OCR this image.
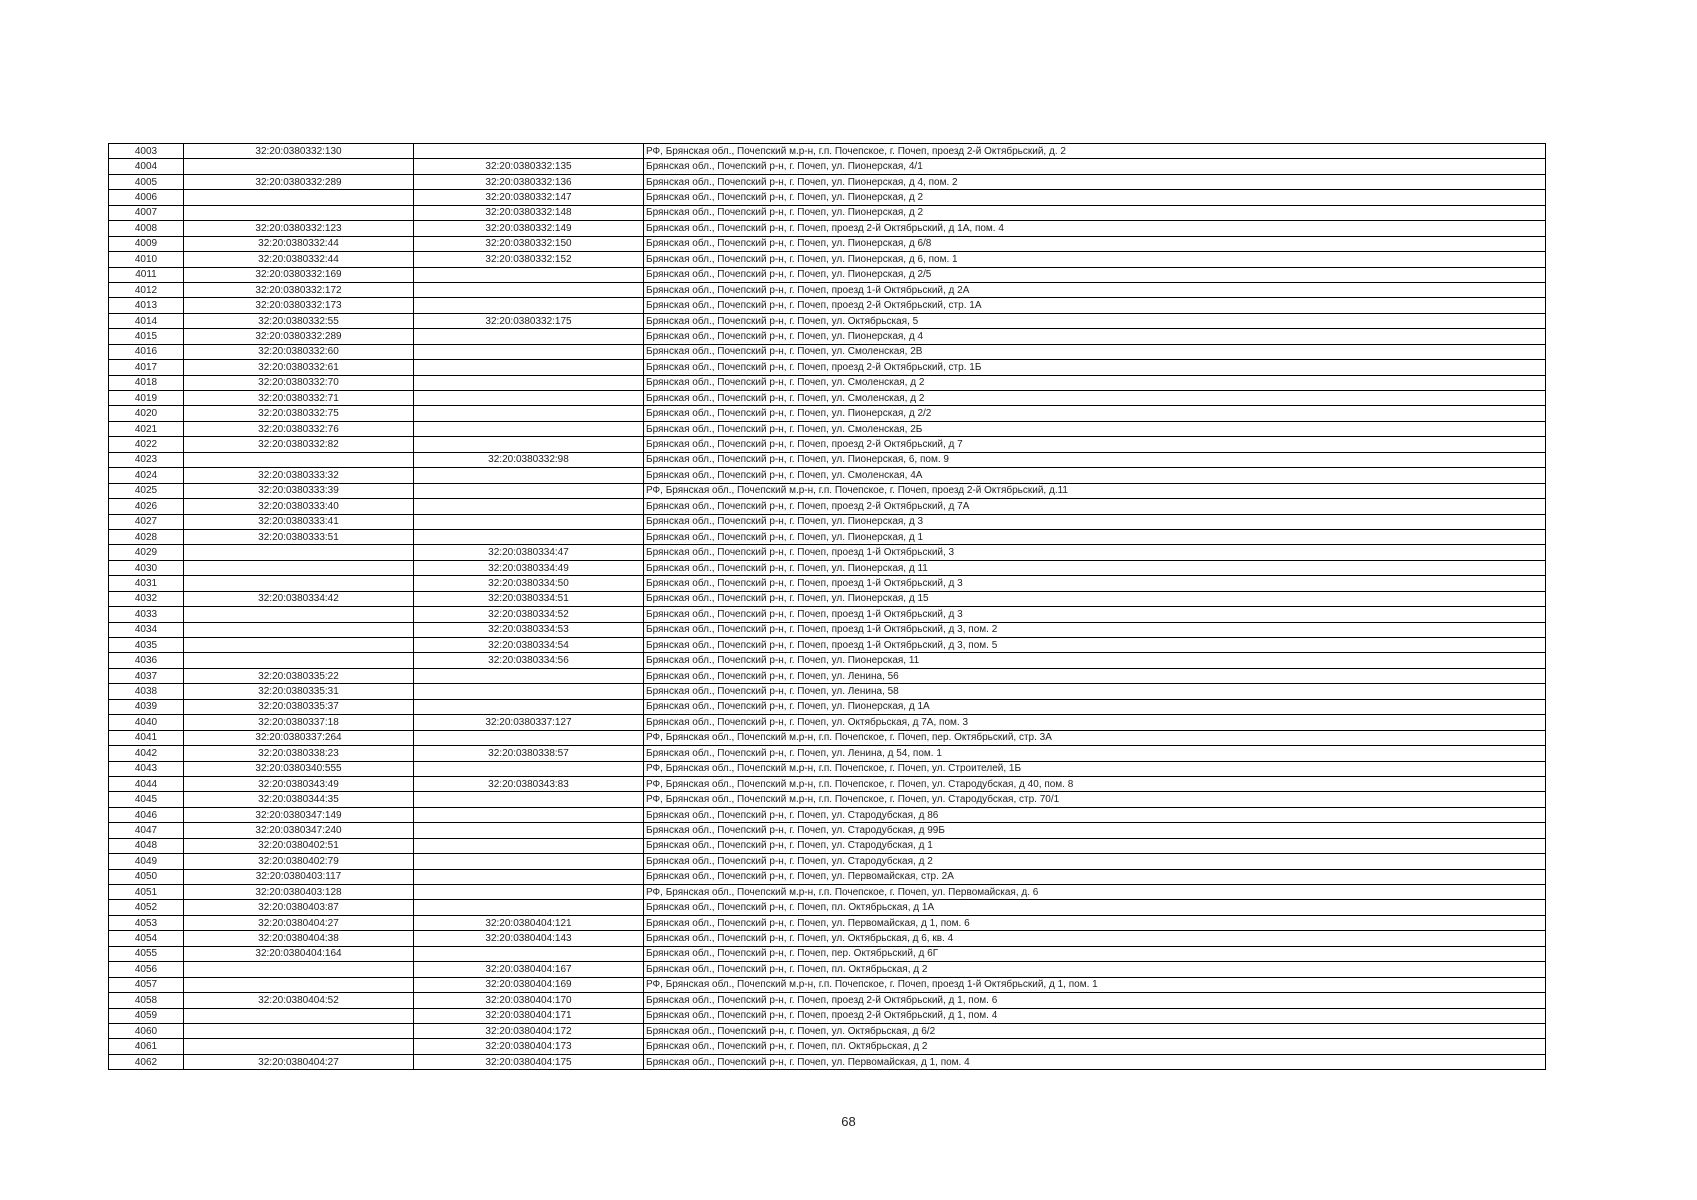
4003	32:20:0380332:130		РФ, Брянская обл., Почепский м.р-н, г.п. Почепское, г. Почеп, проезд 2-й Октябрьский, д. 2
4004		32:20:0380332:135	Брянская обл., Почепский р-н, г. Почеп, ул. Пионерская, 4/1
4005	32:20:0380332:289	32:20:0380332:136	Брянская обл., Почепский р-н, г. Почеп, ул. Пионерская, д 4, пом. 2
4006		32:20:0380332:147	Брянская обл., Почепский р-н, г. Почеп, ул. Пионерская, д 2
4007		32:20:0380332:148	Брянская обл., Почепский р-н, г. Почеп, ул. Пионерская, д 2
4008	32:20:0380332:123	32:20:0380332:149	Брянская обл., Почепский р-н, г. Почеп, проезд 2-й Октябрьский, д 1А, пом. 4
4009	32:20:0380332:44	32:20:0380332:150	Брянская обл., Почепский р-н, г. Почеп, ул. Пионерская, д 6/8
4010	32:20:0380332:44	32:20:0380332:152	Брянская обл., Почепский р-н, г. Почеп, ул. Пионерская, д 6, пом. 1
4011	32:20:0380332:169		Брянская обл., Почепский р-н, г. Почеп, ул. Пионерская, д 2/5
4012	32:20:0380332:172		Брянская обл., Почепский р-н, г. Почеп, проезд 1-й Октябрьский, д 2А
4013	32:20:0380332:173		Брянская обл., Почепский р-н, г. Почеп, проезд 2-й Октябрьский, стр. 1А
4014	32:20:0380332:55	32:20:0380332:175	Брянская обл., Почепский р-н, г. Почеп, ул. Октябрьская, 5
4015	32:20:0380332:289		Брянская обл., Почепский р-н, г. Почеп, ул. Пионерская, д 4
4016	32:20:0380332:60		Брянская обл., Почепский р-н, г. Почеп, ул. Смоленская, 2В
4017	32:20:0380332:61		Брянская обл., Почепский р-н, г. Почеп, проезд 2-й Октябрьский, стр. 1Б
4018	32:20:0380332:70		Брянская обл., Почепский р-н, г. Почеп, ул. Смоленская, д 2
4019	32:20:0380332:71		Брянская обл., Почепский р-н, г. Почеп, ул. Смоленская, д 2
4020	32:20:0380332:75		Брянская обл., Почепский р-н, г. Почеп, ул. Пионерская, д 2/2
4021	32:20:0380332:76		Брянская обл., Почепский р-н, г. Почеп, ул. Смоленская, 2Б
4022	32:20:0380332:82		Брянская обл., Почепский р-н, г. Почеп, проезд 2-й Октябрьский, д 7
4023		32:20:0380332:98	Брянская обл., Почепский р-н, г. Почеп, ул. Пионерская, 6, пом. 9
4024	32:20:0380333:32		Брянская обл., Почепский р-н, г. Почеп, ул. Смоленская, 4А
4025	32:20:0380333:39		РФ, Брянская обл., Почепский м.р-н, г.п. Почепское, г. Почеп, проезд 2-й Октябрьский, д.11
4026	32:20:0380333:40		Брянская обл., Почепский р-н, г. Почеп, проезд 2-й Октябрьский, д 7А
4027	32:20:0380333:41		Брянская обл., Почепский р-н, г. Почеп, ул. Пионерская, д 3
4028	32:20:0380333:51		Брянская обл., Почепский р-н, г. Почеп, ул. Пионерская, д 1
4029		32:20:0380334:47	Брянская обл., Почепский р-н, г. Почеп, проезд 1-й Октябрьский, 3
4030		32:20:0380334:49	Брянская обл., Почепский р-н, г. Почеп, ул. Пионерская, д 11
4031		32:20:0380334:50	Брянская обл., Почепский р-н, г. Почеп, проезд 1-й Октябрьский, д 3
4032	32:20:0380334:42	32:20:0380334:51	Брянская обл., Почепский р-н, г. Почеп, ул. Пионерская, д 15
4033		32:20:0380334:52	Брянская обл., Почепский р-н, г. Почеп, проезд 1-й Октябрьский, д 3
4034		32:20:0380334:53	Брянская обл., Почепский р-н, г. Почеп, проезд 1-й Октябрьский, д 3, пом. 2
4035		32:20:0380334:54	Брянская обл., Почепский р-н, г. Почеп, проезд 1-й Октябрьский, д 3, пом. 5
4036		32:20:0380334:56	Брянская обл., Почепский р-н, г. Почеп, ул. Пионерская, 11
4037	32:20:0380335:22		Брянская обл., Почепский р-н, г. Почеп, ул. Ленина, 56
4038	32:20:0380335:31		Брянская обл., Почепский р-н, г. Почеп, ул. Ленина, 58
4039	32:20:0380335:37		Брянская обл., Почепский р-н, г. Почеп, ул. Пионерская, д 1А
4040	32:20:0380337:18	32:20:0380337:127	Брянская обл., Почепский р-н, г. Почеп, ул. Октябрьская, д 7А, пом. 3
4041	32:20:0380337:264		РФ, Брянская обл., Почепский м.р-н, г.п. Почепское, г. Почеп, пер. Октябрьский, стр. 3А
4042	32:20:0380338:23	32:20:0380338:57	Брянская обл., Почепский р-н, г. Почеп, ул. Ленина, д 54, пом. 1
4043	32:20:0380340:555		РФ, Брянская обл., Почепский м.р-н, г.п. Почепское, г. Почеп, ул. Строителей, 1Б
4044	32:20:0380343:49	32:20:0380343:83	РФ, Брянская обл., Почепский м.р-н, г.п. Почепское, г. Почеп, ул. Стародубская, д 40, пом. 8
4045	32:20:0380344:35		РФ, Брянская обл., Почепский м.р-н, г.п. Почепское, г. Почеп, ул. Стародубская, стр. 70/1
4046	32:20:0380347:149		Брянская обл., Почепский р-н, г. Почеп, ул. Стародубская, д 86
4047	32:20:0380347:240		Брянская обл., Почепский р-н, г. Почеп, ул. Стародубская, д 99Б
4048	32:20:0380402:51		Брянская обл., Почепский р-н, г. Почеп, ул. Стародубская, д 1
4049	32:20:0380402:79		Брянская обл., Почепский р-н, г. Почеп, ул. Стародубская, д 2
4050	32:20:0380403:117		Брянская обл., Почепский р-н, г. Почеп, ул. Первомайская, стр. 2А
4051	32:20:0380403:128		РФ, Брянская обл., Почепский м.р-н, г.п. Почепское, г. Почеп, ул. Первомайская, д. 6
4052	32:20:0380403:87		Брянская обл., Почепский р-н, г. Почеп, пл. Октябрьская, д 1А
4053	32:20:0380404:27	32:20:0380404:121	Брянская обл., Почепский р-н, г. Почеп, ул. Первомайская, д 1, пом. 6
4054	32:20:0380404:38	32:20:0380404:143	Брянская обл., Почепский р-н, г. Почеп, ул. Октябрьская, д 6, кв. 4
4055	32:20:0380404:164		Брянская обл., Почепский р-н, г. Почеп, пер. Октябрьский, д 6Г
4056		32:20:0380404:167	Брянская обл., Почепский р-н, г. Почеп, пл. Октябрьская, д 2
4057		32:20:0380404:169	РФ, Брянская обл., Почепский м.р-н, г.п. Почепское, г. Почеп, проезд 1-й Октябрьский, д 1, пом. 1
4058	32:20:0380404:52	32:20:0380404:170	Брянская обл., Почепский р-н, г. Почеп, проезд 2-й Октябрьский, д 1, пом. 6
4059		32:20:0380404:171	Брянская обл., Почепский р-н, г. Почеп, проезд 2-й Октябрьский, д 1, пом. 4
4060		32:20:0380404:172	Брянская обл., Почепский р-н, г. Почеп, ул. Октябрьская, д 6/2
4061		32:20:0380404:173	Брянская обл., Почепский р-н, г. Почеп, пл. Октябрьская, д 2
4062	32:20:0380404:27	32:20:0380404:175	Брянская обл., Почепский р-н, г. Почеп, ул. Первомайская, д 1, пом. 4
68
